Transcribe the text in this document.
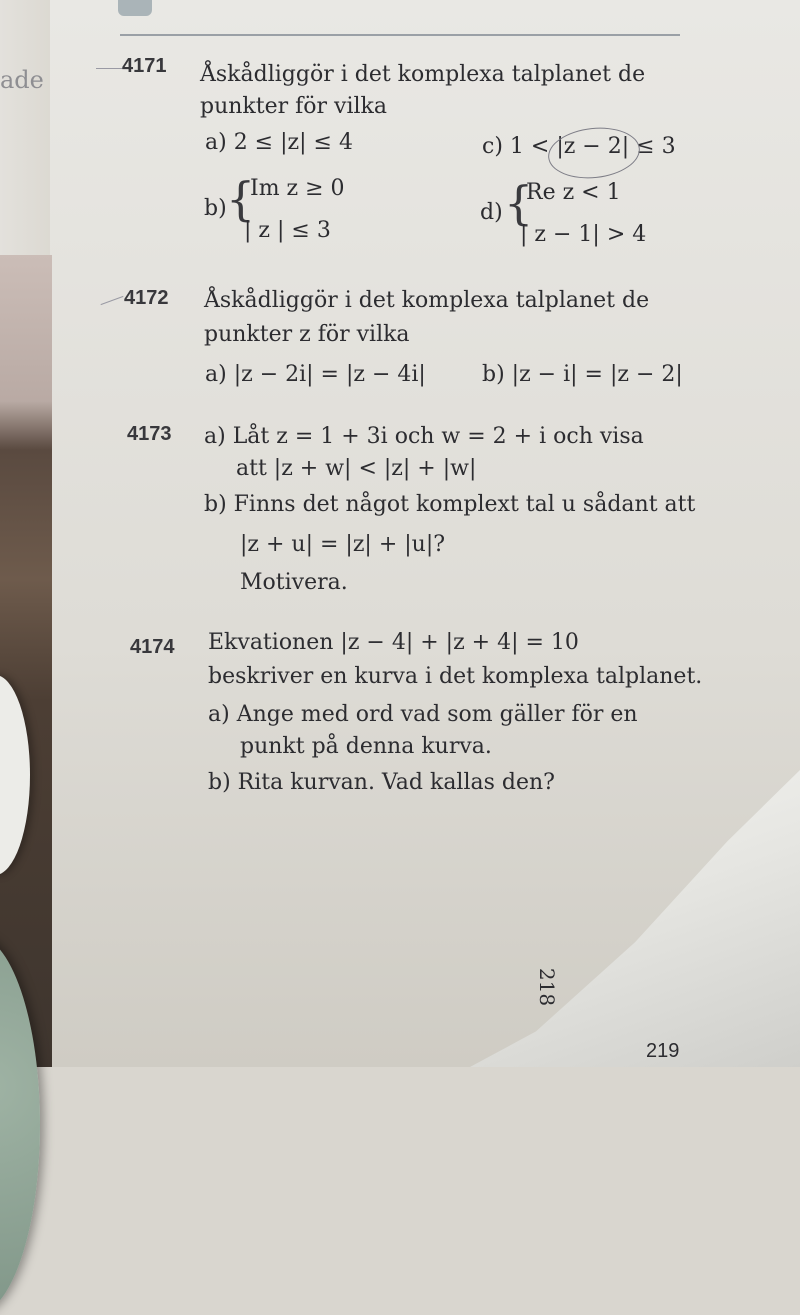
ade	4171 Åskådliggör i det komplexa talplanet de
punkter för vilka
a) 2 ≤ |z| ≤ 4	c) 1 < |z − 2| ≤ 3
b) {
Im z ≥ 0
| z | ≤ 3
d) {
Re z < 1
| z − 1| > 4
4172 Åskådliggör i det komplexa talplanet de
punkter z för vilka
a) |z − 2i| = |z − 4i|	b) |z − i| = |z − 2|
4173 a) Låt z = 1 + 3i och w = 2 + i och visa
att |z + w| < |z| + |w|
b) Finns det något komplext tal u sådant att
|z + u| = |z| + |u|?
Motivera.
4174 Ekvationen |z − 4| + |z + 4| = 10
beskriver en kurva i det komplexa talplanet.
a) Ange med ord vad som gäller för en
punkt på denna kurva.
b) Rita kurvan. Vad kallas den?
218
219
